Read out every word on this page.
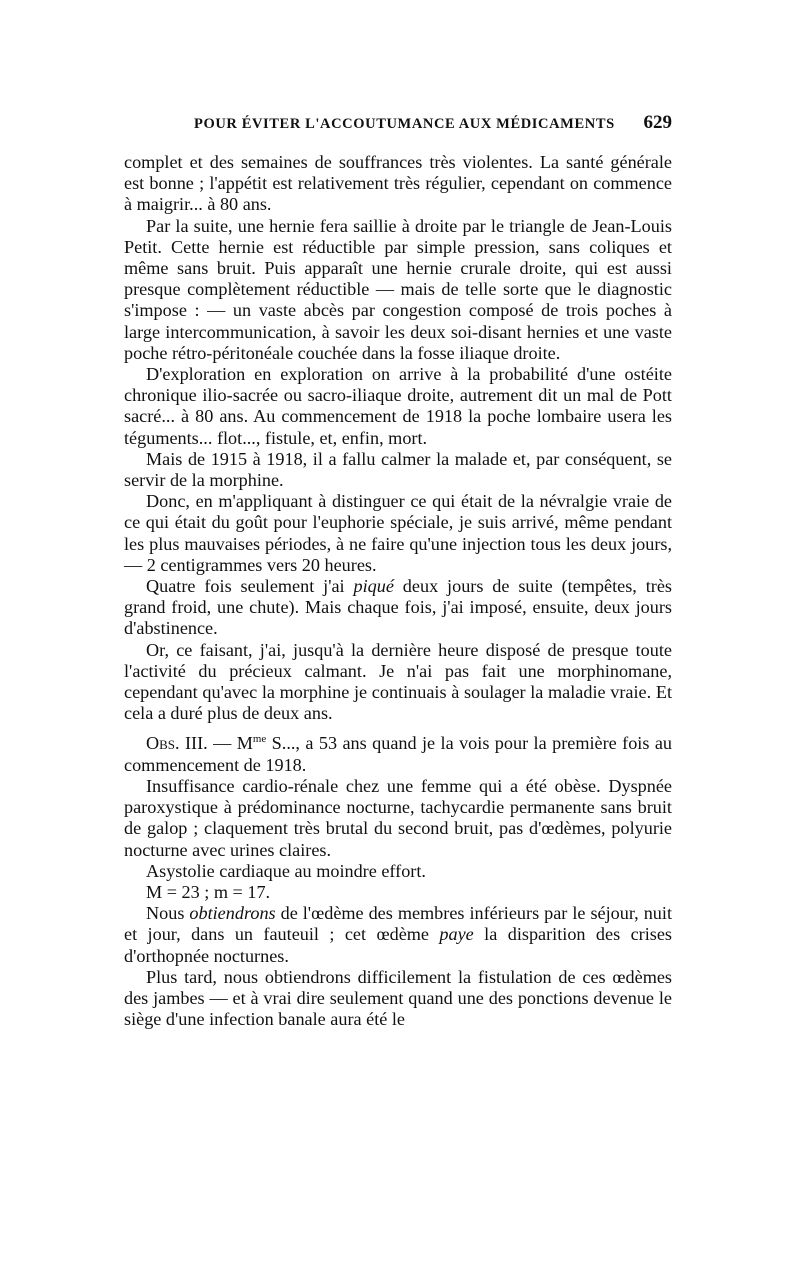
POUR ÉVITER L'ACCOUTUMANCE AUX MÉDICAMENTS 629

complet et des semaines de souffrances très violentes. La santé générale est bonne ; l'appétit est relativement très régulier, cependant on commence à maigrir... à 80 ans.

Par la suite, une hernie fera saillie à droite par le triangle de Jean-Louis Petit. Cette hernie est réductible par simple pression, sans coliques et même sans bruit. Puis apparaît une hernie crurale droite, qui est aussi presque complètement réductible — mais de telle sorte que le diagnostic s'impose : — un vaste abcès par congestion composé de trois poches à large intercommunication, à savoir les deux soi-disant hernies et une vaste poche rétro-péritonéale couchée dans la fosse iliaque droite.

D'exploration en exploration on arrive à la probabilité d'une ostéite chronique ilio-sacrée ou sacro-iliaque droite, autrement dit un mal de Pott sacré... à 80 ans. Au commencement de 1918 la poche lombaire usera les téguments... flot..., fistule, et, enfin, mort.

Mais de 1915 à 1918, il a fallu calmer la malade et, par conséquent, se servir de la morphine.

Donc, en m'appliquant à distinguer ce qui était de la névralgie vraie de ce qui était du goût pour l'euphorie spéciale, je suis arrivé, même pendant les plus mauvaises périodes, à ne faire qu'une injection tous les deux jours, — 2 centigrammes vers 20 heures.

Quatre fois seulement j'ai piqué deux jours de suite (tempêtes, très grand froid, une chute). Mais chaque fois, j'ai imposé, ensuite, deux jours d'abstinence.

Or, ce faisant, j'ai, jusqu'à la dernière heure disposé de presque toute l'activité du précieux calmant. Je n'ai pas fait une morphinomane, cependant qu'avec la morphine je continuais à soulager la maladie vraie. Et cela a duré plus de deux ans.

Obs. III. — $M^{me}$ S..., a 53 ans quand je la vois pour la première fois au commencement de 1918.

Insuffisance cardio-rénale chez une femme qui a été obèse. Dyspnée paroxystique à prédominance nocturne, tachycardie permanente sans bruit de galop ; claquement très brutal du second bruit, pas d'œdèmes, polyurie nocturne avec urines claires.

Asystolie cardiaque au moindre effort.

M = 23 ; m = 17.

Nous obtiendrons de l'œdème des membres inférieurs par le séjour, nuit et jour, dans un fauteuil ; cet œdème paye la disparition des crises d'orthopnée nocturnes.

Plus tard, nous obtiendrons difficilement la fistulation de ces œdèmes des jambes — et à vrai dire seulement quand une des ponctions devenue le siège d'une infection banale aura été le
